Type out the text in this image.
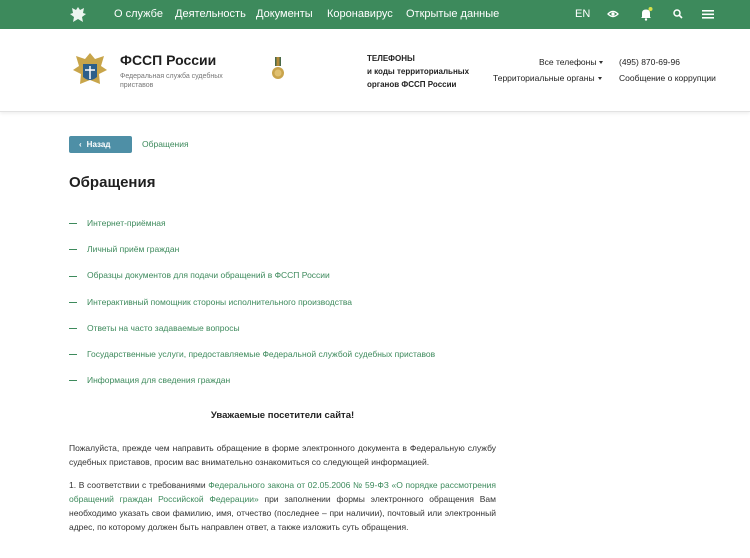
О службе Деятельность Документы Коронавирус Открытые данные	EN
ФССП России
Федеральная служба судебных приставов
ТЕЛЕФОНЫ
и коды территориальных
органов ФССП России
Все телефоны
Территориальные органы
(495) 870-69-96
Сообщение о коррупции
‹ Назад	Обращения
Обращения
Интернет-приёмная
Личный приём граждан
Образцы документов для подачи обращений в ФССП России
Интерактивный помощник стороны исполнительного производства
Ответы на часто задаваемые вопросы
Государственные услуги, предоставляемые Федеральной службой судебных приставов
Информация для сведения граждан
Уважаемые посетители сайта!

Пожалуйста, прежде чем направить обращение в форме электронного документа в Федеральную службу судебных приставов, просим вас внимательно ознакомиться со следующей информацией.

1. В соответствии с требованиями Федерального закона от 02.05.2006 № 59-ФЗ «О порядке рассмотрения обращений граждан Российской Федерации» при заполнении формы электронного обращения Вам необходимо указать свои фамилию, имя, отчество (последнее – при наличии), почтовый или электронный адрес, по которому должен быть направлен ответ, а также изложить суть обращения.
